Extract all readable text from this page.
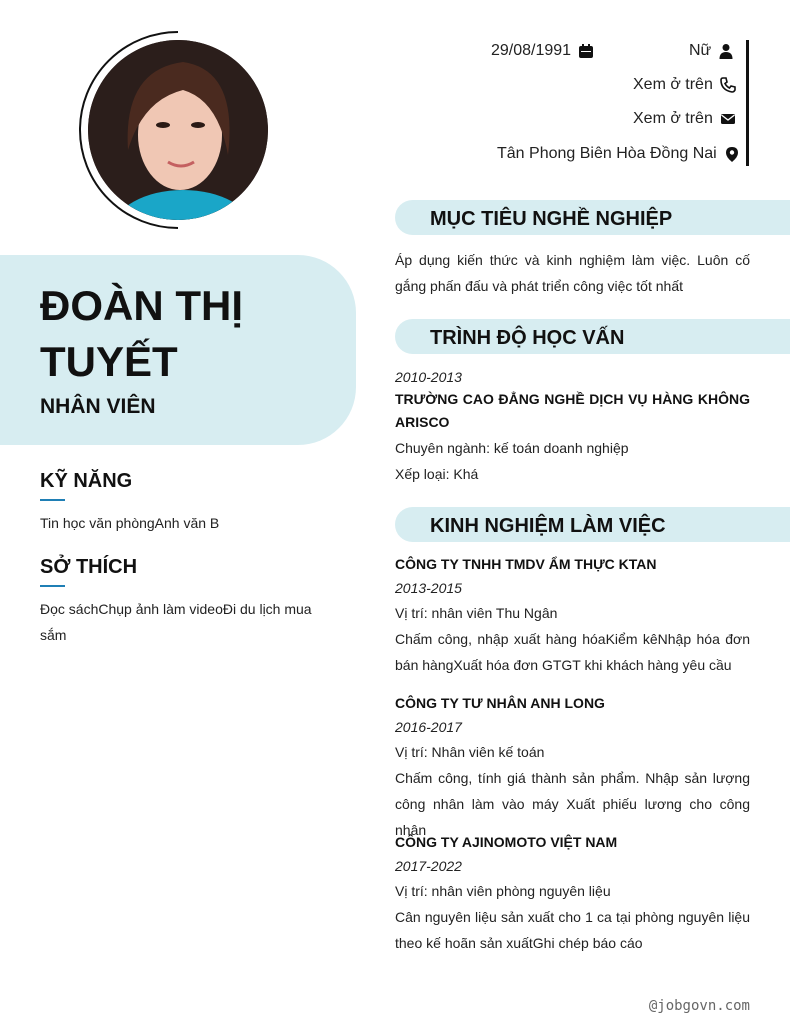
ĐOÀN THỊ TUYẾT
NHÂN VIÊN
KỸ NĂNG
Tin học văn phòngAnh văn B
SỞ THÍCH
Đọc sáchChụp ảnh làm videoĐi du lịch mua sắm
29/08/1991	Nữ
Xem ở trên
Xem ở trên
Tân Phong Biên Hòa Đồng Nai
MỤC TIÊU NGHỀ NGHIỆP
Áp dụng kiến thức và kinh nghiệm làm việc. Luôn cố gắng phấn đấu và phát triển công việc tốt nhất
TRÌNH ĐỘ HỌC VẤN
2010-2013
TRƯỜNG CAO ĐẲNG NGHỀ DỊCH VỤ HÀNG KHÔNG ARISCO
Chuyên ngành: kế toán doanh nghiệp
Xếp loại: Khá
KINH NGHIỆM LÀM VIỆC
CÔNG TY TNHH TMDV ẨM THỰC KTAN
2013-2015
Vị trí: nhân viên Thu Ngân
Chấm công, nhập xuất hàng hóaKiểm kêNhập hóa đơn bán hàngXuất hóa đơn GTGT khi khách hàng yêu cầu
CÔNG TY TƯ NHÂN ANH LONG
2016-2017
Vị trí: Nhân viên kế toán
Chấm công, tính giá thành sản phẩm. Nhập sản lượng công nhân làm vào máy Xuất phiếu lương cho công nhân
CÔNG TY AJINOMOTO VIỆT NAM
2017-2022
Vị trí: nhân viên phòng nguyên liệu
Cân nguyên liệu sản xuất cho 1 ca tại phòng nguyên liệu theo kế hoãn sản xuấtGhi chép báo cáo
@jobgovn.com
